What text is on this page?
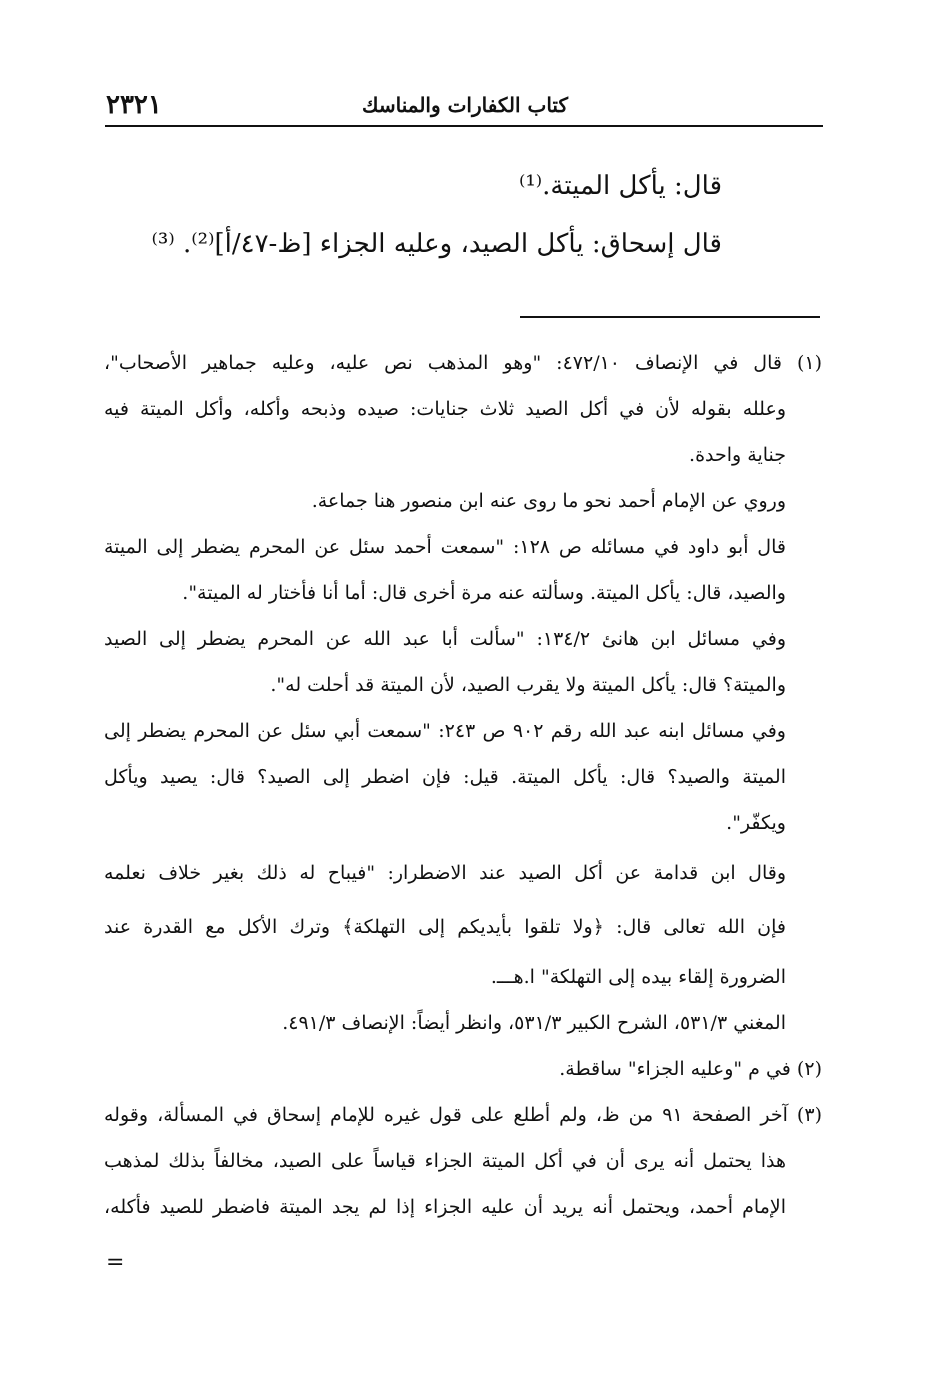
٢٣٢١	كتاب الكفارات والمناسك
قال: يأكل الميتة.⁽¹⁾
قال إسحاق: يأكل الصيد، وعليه الجزاء [ظ-٤٧/أ]⁽²⁾. ⁽³⁾
(١) قال في الإنصاف ٤٧٢/١٠: "وهو المذهب نص عليه، وعليه جماهير الأصحاب"،
وعلله بقوله لأن في أكل الصيد ثلاث جنايات: صيده وذبحه وأكله، وأكل الميتة فيه
جناية واحدة.
وروي عن الإمام أحمد نحو ما روى عنه ابن منصور هنا جماعة.
قال أبو داود في مسائله ص ١٢٨: "سمعت أحمد سئل عن المحرم يضطر إلى الميتة
والصيد، قال: يأكل الميتة. وسألته عنه مرة أخرى قال: أما أنا فأختار له الميتة".
وفي مسائل ابن هانئ ١٣٤/٢: "سألت أبا عبد الله عن المحرم يضطر إلى الصيد
والميتة؟ قال: يأكل الميتة ولا يقرب الصيد، لأن الميتة قد أحلت له".
وفي مسائل ابنه عبد الله رقم ٩٠٢ ص ٢٤٣: "سمعت أبي سئل عن المحرم يضطر إلى
الميتة والصيد؟ قال: يأكل الميتة. قيل: فإن اضطر إلى الصيد؟ قال: يصيد ويأكل
ويكفّر".
وقال ابن قدامة عن أكل الصيد عند الاضطرار: "فيباح له ذلك بغير خلاف نعلمه
فإن الله تعالى قال: ﴿ولا تلقوا بأيديكم إلى التهلكة﴾ وترك الأكل مع القدرة عند
الضرورة إلقاء بيده إلى التهلكة" ا.هـــ.
المغني ٥٣١/٣، الشرح الكبير ٥٣١/٣، وانظر أيضاً: الإنصاف ٤٩١/٣.
(٢) في م "وعليه الجزاء" ساقطة.
(٣) آخر الصفحة ٩١ من ظ، ولم أطلع على قول غيره للإمام إسحاق في المسألة، وقوله
هذا يحتمل أنه يرى أن في أكل الميتة الجزاء قياساً على الصيد، مخالفاً بذلك لمذهب
الإمام أحمد، ويحتمل أنه يريد أن عليه الجزاء إذا لم يجد الميتة فاضطر للصيد فأكله،
=
